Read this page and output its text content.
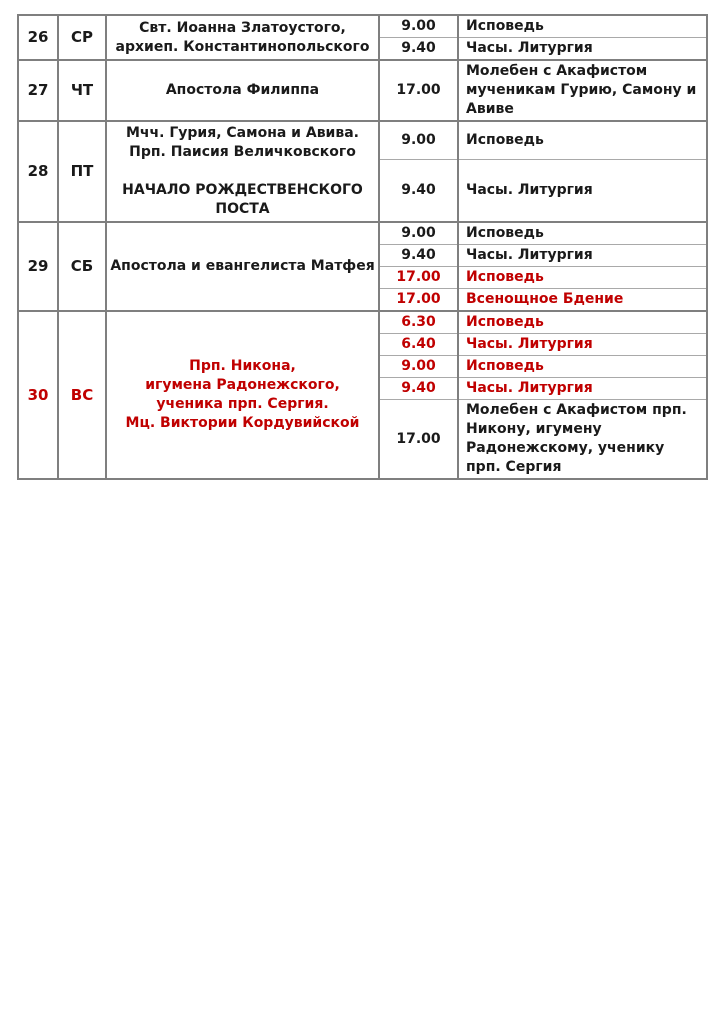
26	СР	Свт. Иоанна Златоустого,
архиеп. Константинопольского	9.00	Исповедь
			9.40	Часы. Литургия
27	ЧТ	Апостола Филиппа	17.00	Молебен с Акафистом мученикам Гурию, Самону и Авиве
28	ПТ	Мчч. Гурия, Самона и Авива.
Прп. Паисия Величковского
НАЧАЛО РОЖДЕСТВЕНСКОГО
ПОСТА	9.00	Исповедь
			9.40	Часы. Литургия
29	СБ	Апостола и евангелиста Матфея	9.00	Исповедь
			9.40	Часы. Литургия
			17.00	Исповедь
			17.00	Всенощное Бдение
30	ВС	Прп. Никона,
игумена Радонежского,
ученика прп. Сергия.
Мц. Виктории Кордувийской	6.30	Исповедь
			6.40	Часы. Литургия
			9.00	Исповедь
			9.40	Часы. Литургия
			17.00	Молебен с Акафистом прп. Никону, игумену Радонежскому, ученику прп. Сергия
